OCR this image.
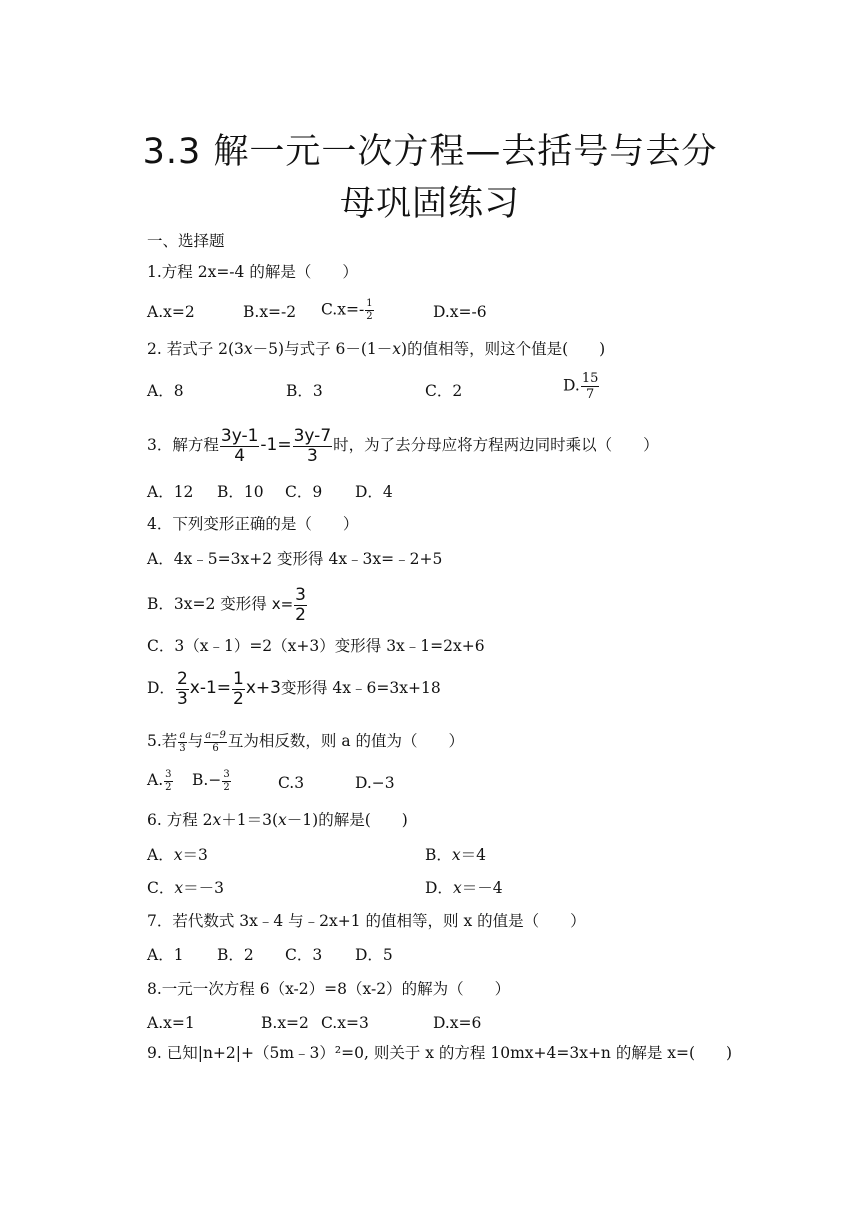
3.3 解一元一次方程—去括号与去分
母巩固练习
一、选择题
1.方程 2x=-4 的解是（　　）
A.x=2	B.x=-2 $C.x=- \frac{1}{2}$	D.x=-6
2. 若式子 2(3x－5)与式子 6－(1－x)的值相等，则这个值是(　　)
A．8	B．3	C．2	D. $\frac{15}{7}$
3．解方程 $\frac{3y-1}{4} -1= \frac{3y-7}{3}$ 时，为了去分母应将方程两边同时乘以（　　）
A．12 B．10 C．9 D．4
4．下列变形正确的是（　　）
A．4x﹣5=3x+2 变形得 4x﹣3x=﹣2+5
B．3x=2 变形得 $x= \frac{3}{2}$
C．3（x﹣1）=2（x+3）变形得 3x﹣1=2x+6
D． $\frac{2}{3} x-1= \frac{1}{2} x+3$变形得 4x﹣6=3x+18
5.若 $\frac{a}{3}$ 与 $\frac{a-9}{6}$ 互为相反数，则 a 的值为（　　）
A. $\frac{3}{2} B.- \frac{3}{2}$	C.3	D.−3
6. 方程 2x＋1＝3(x－1)的解是(　　)
A．x＝3	B．x＝4
C．x＝－3	D．x＝－4
7．若代数式 3x﹣4 与﹣2x+1 的值相等，则 x 的值是（　　）
A．1 B．2 C．3 D．5
8.一元一次方程 6（x-2）=8（x-2）的解为（　　）
A.x=1	B.x=2 C.x=3	D.x=6
9. 已知|n+2|+（5m﹣3）²=0, 则关于 x 的方程 10mx+4=3x+n 的解是 x=(　　)
